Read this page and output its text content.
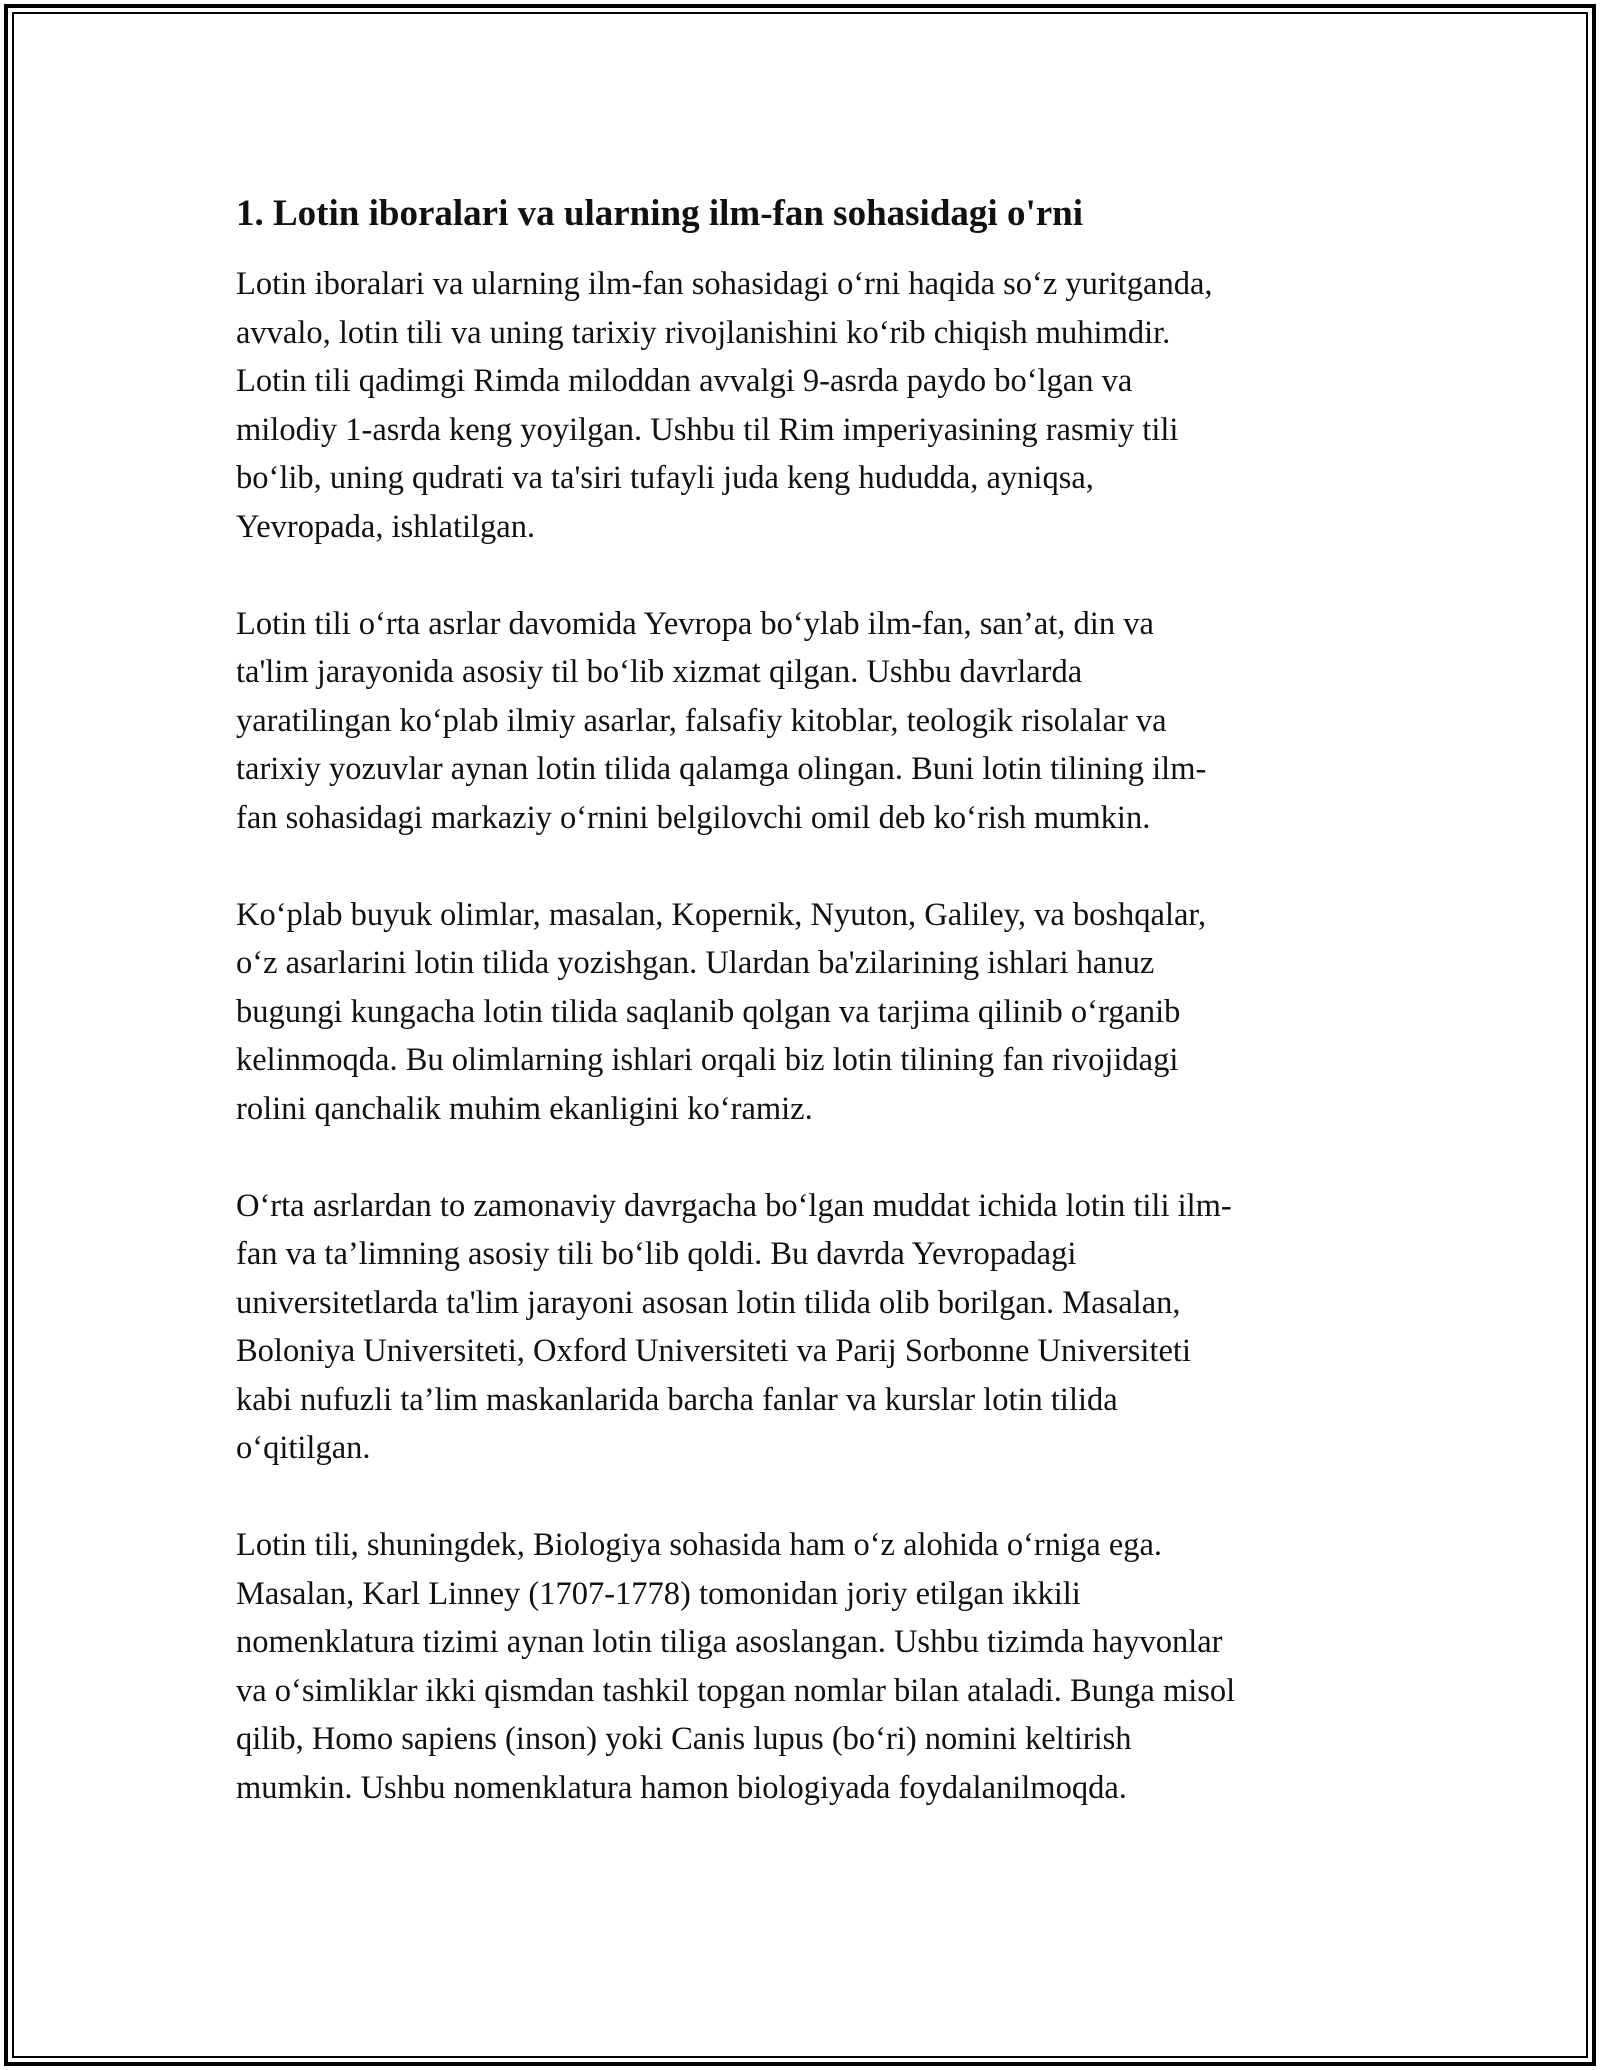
1. Lotin iboralari va ularning ilm-fan sohasidagi o'rni

Lotin iboralari va ularning ilm-fan sohasidagi o‘rni haqida so‘z yuritganda,
avvalo, lotin tili va uning tarixiy rivojlanishini ko‘rib chiqish muhimdir.
Lotin tili qadimgi Rimda miloddan avvalgi 9-asrda paydo bo‘lgan va
milodiy 1-asrda keng yoyilgan. Ushbu til Rim imperiyasining rasmiy tili
bo‘lib, uning qudrati va ta'siri tufayli juda keng hududda, ayniqsa,
Yevropada, ishlatilgan.

Lotin tili o‘rta asrlar davomida Yevropa bo‘ylab ilm-fan, san’at, din va
ta'lim jarayonida asosiy til bo‘lib xizmat qilgan. Ushbu davrlarda
yaratilingan ko‘plab ilmiy asarlar, falsafiy kitoblar, teologik risolalar va
tarixiy yozuvlar aynan lotin tilida qalamga olingan. Buni lotin tilining ilm-
fan sohasidagi markaziy o‘rnini belgilovchi omil deb ko‘rish mumkin.

Ko‘plab buyuk olimlar, masalan, Kopernik, Nyuton, Galiley, va boshqalar,
o‘z asarlarini lotin tilida yozishgan. Ulardan ba'zilarining ishlari hanuz
bugungi kungacha lotin tilida saqlanib qolgan va tarjima qilinib o‘rganib
kelinmoqda. Bu olimlarning ishlari orqali biz lotin tilining fan rivojidagi
rolini qanchalik muhim ekanligini ko‘ramiz.

O‘rta asrlardan to zamonaviy davrgacha bo‘lgan muddat ichida lotin tili ilm-
fan va ta’limning asosiy tili bo‘lib qoldi. Bu davrda Yevropadagi
universitetlarda ta'lim jarayoni asosan lotin tilida olib borilgan. Masalan,
Boloniya Universiteti, Oxford Universiteti va Parij Sorbonne Universiteti
kabi nufuzli ta’lim maskanlarida barcha fanlar va kurslar lotin tilida
o‘qitilgan.

Lotin tili, shuningdek, Biologiya sohasida ham o‘z alohida o‘rniga ega.
Masalan, Karl Linney (1707-1778) tomonidan joriy etilgan ikkili
nomenklatura tizimi aynan lotin tiliga asoslangan. Ushbu tizimda hayvonlar
va o‘simliklar ikki qismdan tashkil topgan nomlar bilan ataladi. Bunga misol
qilib, Homo sapiens (inson) yoki Canis lupus (bo‘ri) nomini keltirish
mumkin. Ushbu nomenklatura hamon biologiyada foydalanilmoqda.
